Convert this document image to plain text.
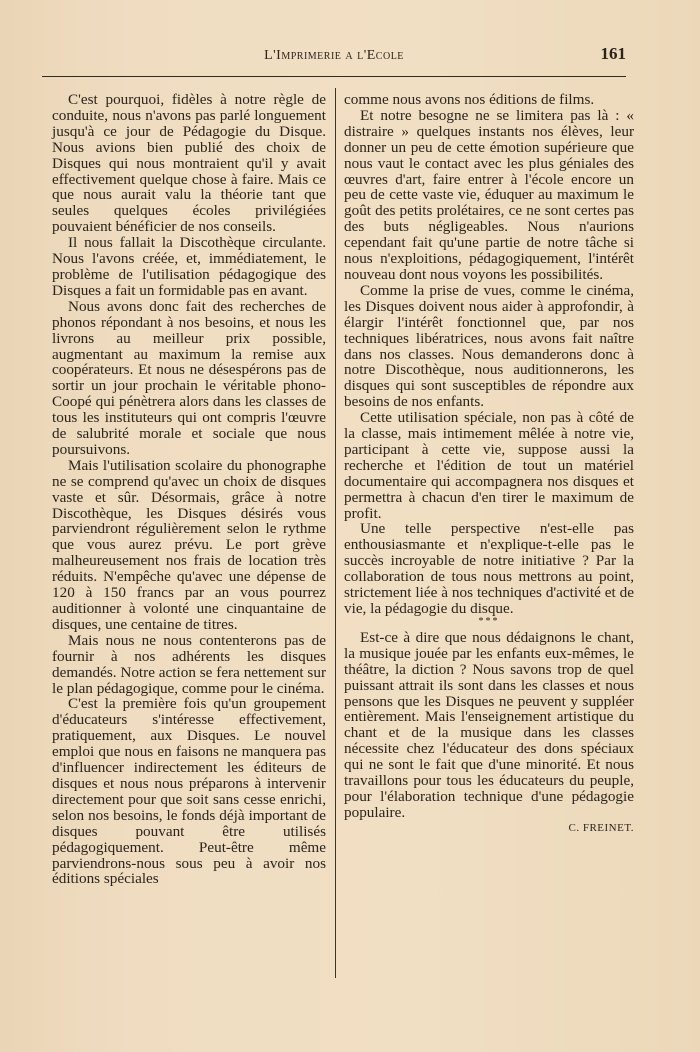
L'Imprimerie a l'Ecole	161

C'est pourquoi, fidèles à notre règle de conduite, nous n'avons pas parlé longuement jusqu'à ce jour de Pédagogie du Disque. Nous avions bien publié des choix de Disques qui nous montraient qu'il y avait effectivement quelque chose à faire. Mais ce que nous aurait valu la théorie tant que seules quelques écoles privilégiées pouvaient bénéficier de nos conseils.

Il nous fallait la Discothèque circulante. Nous l'avons créée, et, immédiatement, le problème de l'utilisation pédagogique des Disques a fait un formidable pas en avant.

Nous avons donc fait des recherches de phonos répondant à nos besoins, et nous les livrons au meilleur prix possible, augmentant au maximum la remise aux coopérateurs. Et nous ne désespérons pas de sortir un jour prochain le véritable phono-Coopé qui pénètrera alors dans les classes de tous les instituteurs qui ont compris l'œuvre de salubrité morale et sociale que nous poursuivons.

Mais l'utilisation scolaire du phonographe ne se comprend qu'avec un choix de disques vaste et sûr. Désormais, grâce à notre Discothèque, les Disques désirés vous parviendront régulièrement selon le rythme que vous aurez prévu. Le port grève malheureusement nos frais de location très réduits. N'empêche qu'avec une dépense de 120 à 150 francs par an vous pourrez auditionner à volonté une cinquantaine de disques, une centaine de titres.

Mais nous ne nous contenterons pas de fournir à nos adhérents les disques demandés. Notre action se fera nettement sur le plan pédagogique, comme pour le cinéma.

C'est la première fois qu'un groupement d'éducateurs s'intéresse effectivement, pratiquement, aux Disques. Le nouvel emploi que nous en faisons ne manquera pas d'influencer indirectement les éditeurs de disques et nous nous préparons à intervenir directement pour que soit sans cesse enrichi, selon nos besoins, le fonds déjà important de disques pouvant être utilisés pédagogiquement. Peut-être même parviendrons-nous sous peu à avoir nos éditions spéciales

comme nous avons nos éditions de films.

Et notre besogne ne se limitera pas là : « distraire » quelques instants nos élèves, leur donner un peu de cette émotion supérieure que nous vaut le contact avec les plus géniales des œuvres d'art, faire entrer à l'école encore un peu de cette vaste vie, éduquer au maximum le goût des petits prolétaires, ce ne sont certes pas des buts négligeables. Nous n'aurions cependant fait qu'une partie de notre tâche si nous n'exploitions, pédagogiquement, l'intérêt nouveau dont nous voyons les possibilités.

Comme la prise de vues, comme le cinéma, les Disques doivent nous aider à approfondir, à élargir l'intérêt fonctionnel que, par nos techniques libératrices, nous avons fait naître dans nos classes. Nous demanderons donc à notre Discothèque, nous auditionnerons, les disques qui sont susceptibles de répondre aux besoins de nos enfants.

Cette utilisation spéciale, non pas à côté de la classe, mais intimement mêlée à notre vie, participant à cette vie, suppose aussi la recherche et l'édition de tout un matériel documentaire qui accompagnera nos disques et permettra à chacun d'en tirer le maximum de profit.

Une telle perspective n'est-elle pas enthousiasmante et n'explique-t-elle pas le succès incroyable de notre initiative ? Par la collaboration de tous nous mettrons au point, strictement liée à nos techniques d'activité et de vie, la pédagogie du disque.

***

Est-ce à dire que nous dédaignons le chant, la musique jouée par les enfants eux-mêmes, le théâtre, la diction ? Nous savons trop de quel puissant attrait ils sont dans les classes et nous pensons que les Disques ne peuvent y suppléer entièrement. Mais l'enseignement artistique du chant et de la musique dans les classes nécessite chez l'éducateur des dons spéciaux qui ne sont le fait que d'une minorité. Et nous travaillons pour tous les éducateurs du peuple, pour l'élaboration technique d'une pédagogie populaire.

C. FREINET.
